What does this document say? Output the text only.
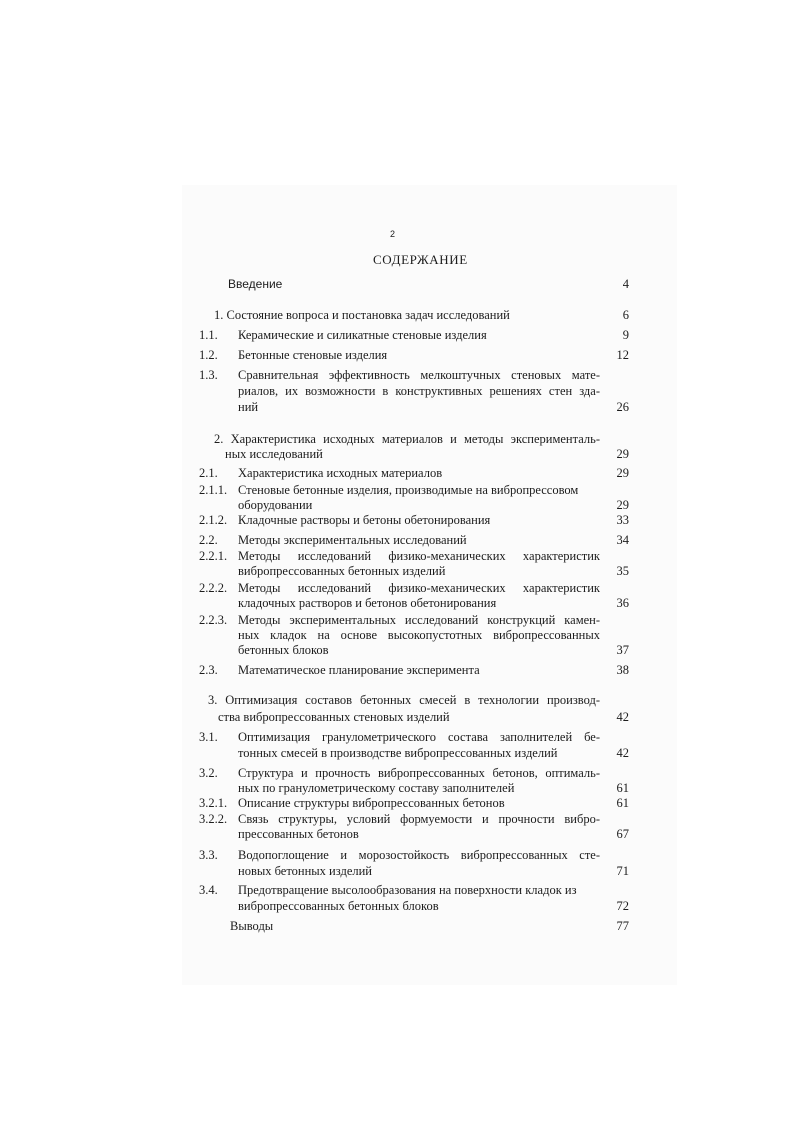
2
СОДЕРЖАНИЕ
Введение	4
1. Состояние вопроса и постановка задач исследований	6
1.1. Керамические и силикатные стеновые изделия	9
1.2. Бетонные стеновые изделия	12
1.3. Сравнительная эффективность мелкоштучных стеновых мате-
риалов, их возможности в конструктивных решениях стен зда-
ний	26
2. Характеристика исходных материалов и методы эксперименталь-
ных исследований	29
2.1. Характеристика исходных материалов	29
2.1.1. Стеновые бетонные изделия, производимые на вибропрессовом
оборудовании	29
2.1.2. Кладочные растворы и бетоны обетонирования	33
2.2. Методы экспериментальных исследований	34
2.2.1. Методы исследований физико-механических характеристик
вибропрессованных бетонных изделий	35
2.2.2. Методы исследований физико-механических характеристик
кладочных растворов и бетонов обетонирования	36
2.2.3. Методы экспериментальных исследований конструкций камен-
ных кладок на основе высокопустотных вибропрессованных
бетонных блоков	37
2.3. Математическое планирование эксперимента	38
3. Оптимизация составов бетонных смесей в технологии производ-
ства вибропрессованных стеновых изделий	42
3.1. Оптимизация гранулометрического состава заполнителей бе-
тонных смесей в производстве вибропрессованных изделий	42
3.2. Структура и прочность вибропрессованных бетонов, оптималь-
ных по гранулометрическому составу заполнителей	61
3.2.1. Описание структуры вибропрессованных бетонов	61
3.2.2. Связь структуры, условий формуемости и прочности вибро-
прессованных бетонов	67
3.3. Водопоглощение и морозостойкость вибропрессованных сте-
новых бетонных изделий	71
3.4. Предотвращение высолообразования на поверхности кладок из
вибропрессованных бетонных блоков	72
Выводы	77
